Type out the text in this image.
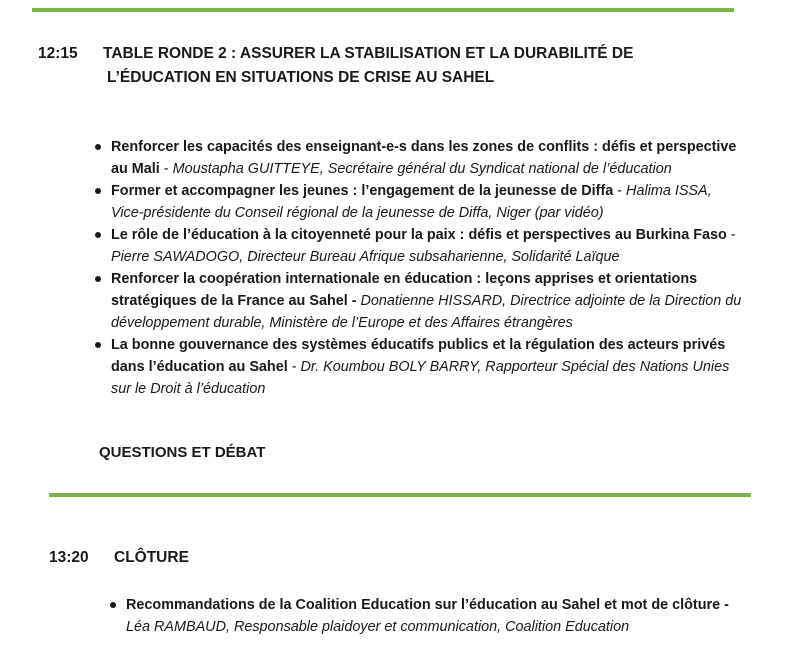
12:15 TABLE RONDE 2 : ASSURER LA STABILISATION ET LA DURABILITÉ DE
L’ÉDUCATION EN SITUATIONS DE CRISE AU SAHEL
Renforcer les capacités des enseignant-e-s dans les zones de conflits : défis et perspective au Mali - Moustapha GUITTEYE, Secrétaire général du Syndicat national de l’éducation
Former et accompagner les jeunes : l’engagement de la jeunesse de Diffa - Halima ISSA, Vice-présidente du Conseil régional de la jeunesse de Diffa, Niger (par vidéo)
Le rôle de l’éducation à la citoyenneté pour la paix : défis et perspectives au Burkina Faso - Pierre SAWADOGO, Directeur Bureau Afrique subsaharienne, Solidarité Laïque
Renforcer la coopération internationale en éducation : leçons apprises et orientations stratégiques de la France au Sahel - Donatienne HISSARD, Directrice adjointe de la Direction du développement durable, Ministère de l’Europe et des Affaires étrangères
La bonne gouvernance des systèmes éducatifs publics et la régulation des acteurs privés dans l’éducation au Sahel - Dr. Koumbou BOLY BARRY, Rapporteur Spécial des Nations Unies sur le Droit à l’éducation
QUESTIONS ET DÉBAT
13:20 CLÔTURE
Recommandations de la Coalition Education sur l’éducation au Sahel et mot de clôture - Léa RAMBAUD, Responsable plaidoyer et communication, Coalition Education
